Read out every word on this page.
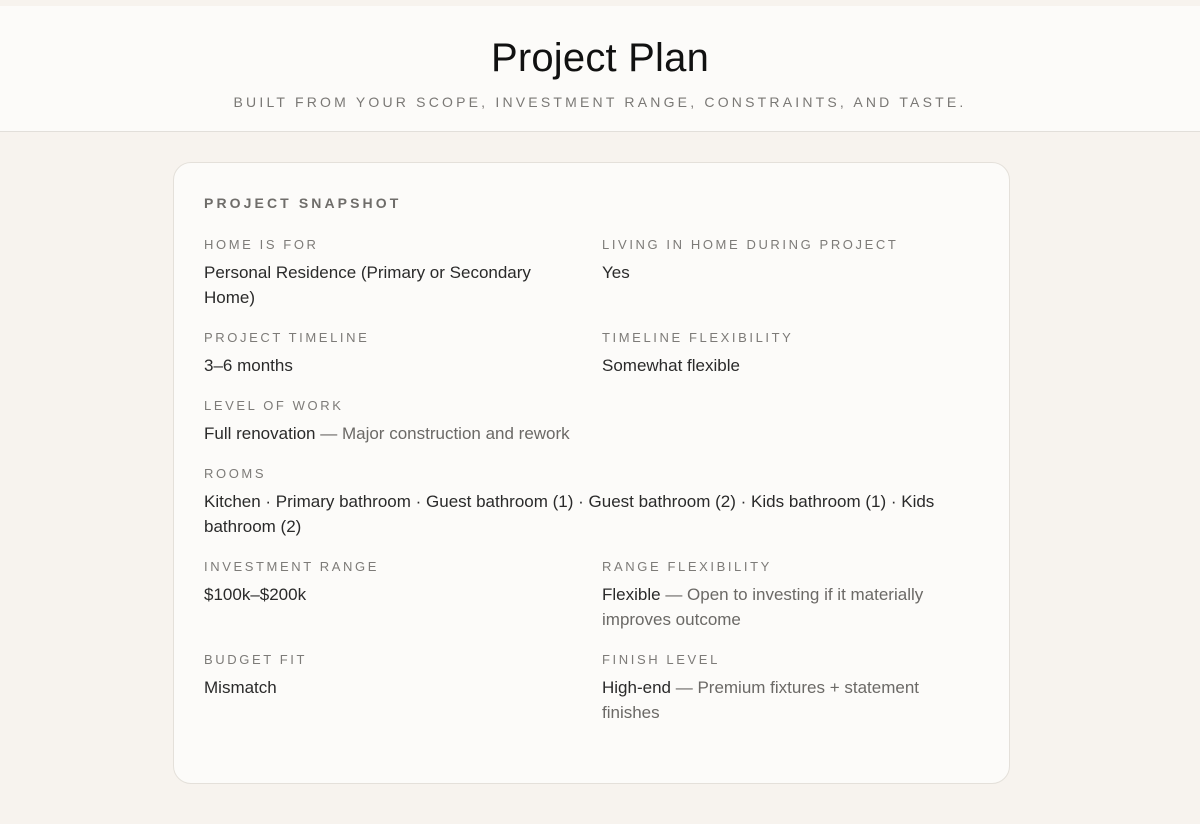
Project Plan
BUILT FROM YOUR SCOPE, INVESTMENT RANGE, CONSTRAINTS, AND TASTE.
PROJECT SNAPSHOT
HOME IS FOR
Personal Residence (Primary or Secondary Home)
LIVING IN HOME DURING PROJECT
Yes
PROJECT TIMELINE
3–6 months
TIMELINE FLEXIBILITY
Somewhat flexible
LEVEL OF WORK
Full renovation — Major construction and rework
ROOMS
Kitchen · Primary bathroom · Guest bathroom (1) · Guest bathroom (2) · Kids bathroom (1) · Kids bathroom (2)
INVESTMENT RANGE
$100k–$200k
RANGE FLEXIBILITY
Flexible — Open to investing if it materially improves outcome
BUDGET FIT
Mismatch
FINISH LEVEL
High-end — Premium fixtures + statement finishes
